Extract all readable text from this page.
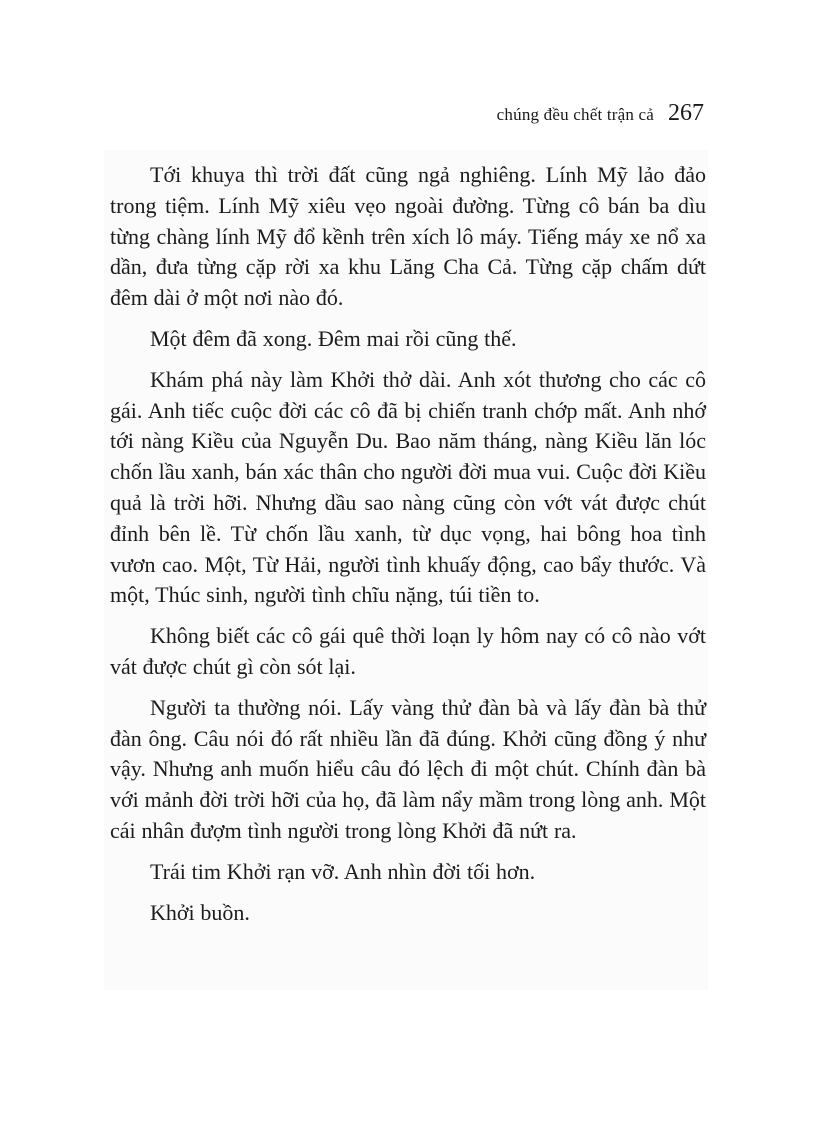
chúng đều chết trận cả 267

Tới khuya thì trời đất cũng ngả nghiêng. Lính Mỹ lảo đảo trong tiệm. Lính Mỹ xiêu vẹo ngoài đường. Từng cô bán ba dìu từng chàng lính Mỹ đổ kềnh trên xích lô máy. Tiếng máy xe nổ xa dần, đưa từng cặp rời xa khu Lăng Cha Cả. Từng cặp chấm dứt đêm dài ở một nơi nào đó.

Một đêm đã xong. Đêm mai rồi cũng thế.

Khám phá này làm Khởi thở dài. Anh xót thương cho các cô gái. Anh tiếc cuộc đời các cô đã bị chiến tranh chớp mất. Anh nhớ tới nàng Kiều của Nguyễn Du. Bao năm tháng, nàng Kiều lăn lóc chốn lầu xanh, bán xác thân cho người đời mua vui. Cuộc đời Kiều quả là trời hỡi. Nhưng dầu sao nàng cũng còn vớt vát được chút đỉnh bên lề. Từ chốn lầu xanh, từ dục vọng, hai bông hoa tình vươn cao. Một, Từ Hải, người tình khuấy động, cao bẩy thước. Và một, Thúc sinh, người tình chĩu nặng, túi tiền to.

Không biết các cô gái quê thời loạn ly hôm nay có cô nào vớt vát được chút gì còn sót lại.

Người ta thường nói. Lấy vàng thử đàn bà và lấy đàn bà thử đàn ông. Câu nói đó rất nhiều lần đã đúng. Khởi cũng đồng ý như vậy. Nhưng anh muốn hiểu câu đó lệch đi một chút. Chính đàn bà với mảnh đời trời hỡi của họ, đã làm nẩy mầm trong lòng anh. Một cái nhân đượm tình người trong lòng Khởi đã nứt ra.

Trái tim Khởi rạn vỡ. Anh nhìn đời tối hơn.

Khởi buồn.
